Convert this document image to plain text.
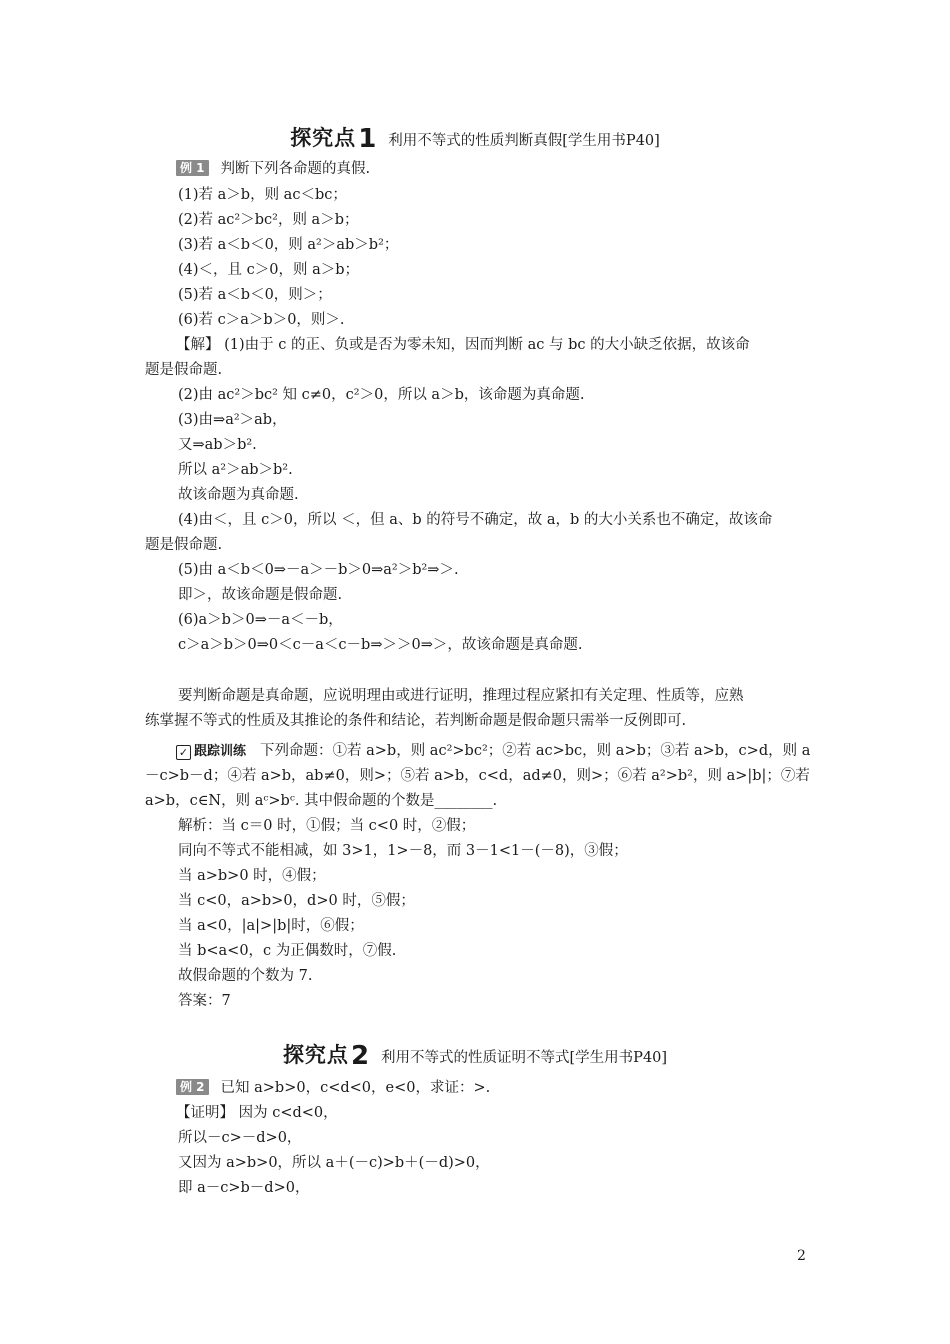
探究点1 利用不等式的性质判断真假[学生用书P40]
例 1 判断下列各命题的真假.
(1)若 a＞b，则 ac＜bc；
(2)若 ac²＞bc²，则 a＞b；
(3)若 a＜b＜0，则 a²＞ab＞b²；
(4)＜，且 c＞0，则 a＞b；
(5)若 a＜b＜0，则＞；
(6)若 c＞a＞b＞0，则＞.
【解】 (1)由于 c 的正、负或是否为零未知，因而判断 ac 与 bc 的大小缺乏依据，故该命
题是假命题.
(2)由 ac²＞bc² 知 c≠0，c²＞0，所以 a＞b，该命题为真命题.
(3)由⇒a²＞ab，
又⇒ab＞b².
所以 a²＞ab＞b².
故该命题为真命题.
(4)由＜，且 c＞0，所以 ＜，但 a、b 的符号不确定，故 a，b 的大小关系也不确定，故该命
题是假命题.
(5)由 a＜b＜0⇒－a＞－b＞0⇒a²＞b²⇒＞.
即＞，故该命题是假命题.
(6)a＞b＞0⇒－a＜－b，
c＞a＞b＞0⇒0＜c－a＜c－b⇒＞＞0⇒＞，故该命题是真命题.
要判断命题是真命题，应说明理由或进行证明，推理过程应紧扣有关定理、性质等，应熟
练掌握不等式的性质及其推论的条件和结论，若判断命题是假命题只需举一反例即可.
✓ 跟踪训练 下列命题：①若 a>b，则 ac²>bc²；②若 ac>bc，则 a>b；③若 a>b，c>d，则 a
－c>b－d；④若 a>b，ab≠0，则>；⑤若 a>b，c<d，ad≠0，则>；⑥若 a²>b²，则 a>|b|；⑦若
a>b，c∈N，则 aᶜ>bᶜ. 其中假命题的个数是________.
解析：当 c＝0 时，①假；当 c<0 时，②假；
同向不等式不能相减，如 3>1，1>－8，而 3－1<1－(－8)，③假；
当 a>b>0 时，④假；
当 c<0，a>b>0，d>0 时，⑤假；
当 a<0，|a|>|b|时，⑥假；
当 b<a<0，c 为正偶数时，⑦假.
故假命题的个数为 7.
答案：7
探究点2 利用不等式的性质证明不等式[学生用书P40]
例 2 已知 a>b>0，c<d<0，e<0，求证：>.
【证明】 因为 c<d<0，
所以－c>－d>0，
又因为 a>b>0，所以 a＋(－c)>b＋(－d)>0，
即 a－c>b－d>0，
2
